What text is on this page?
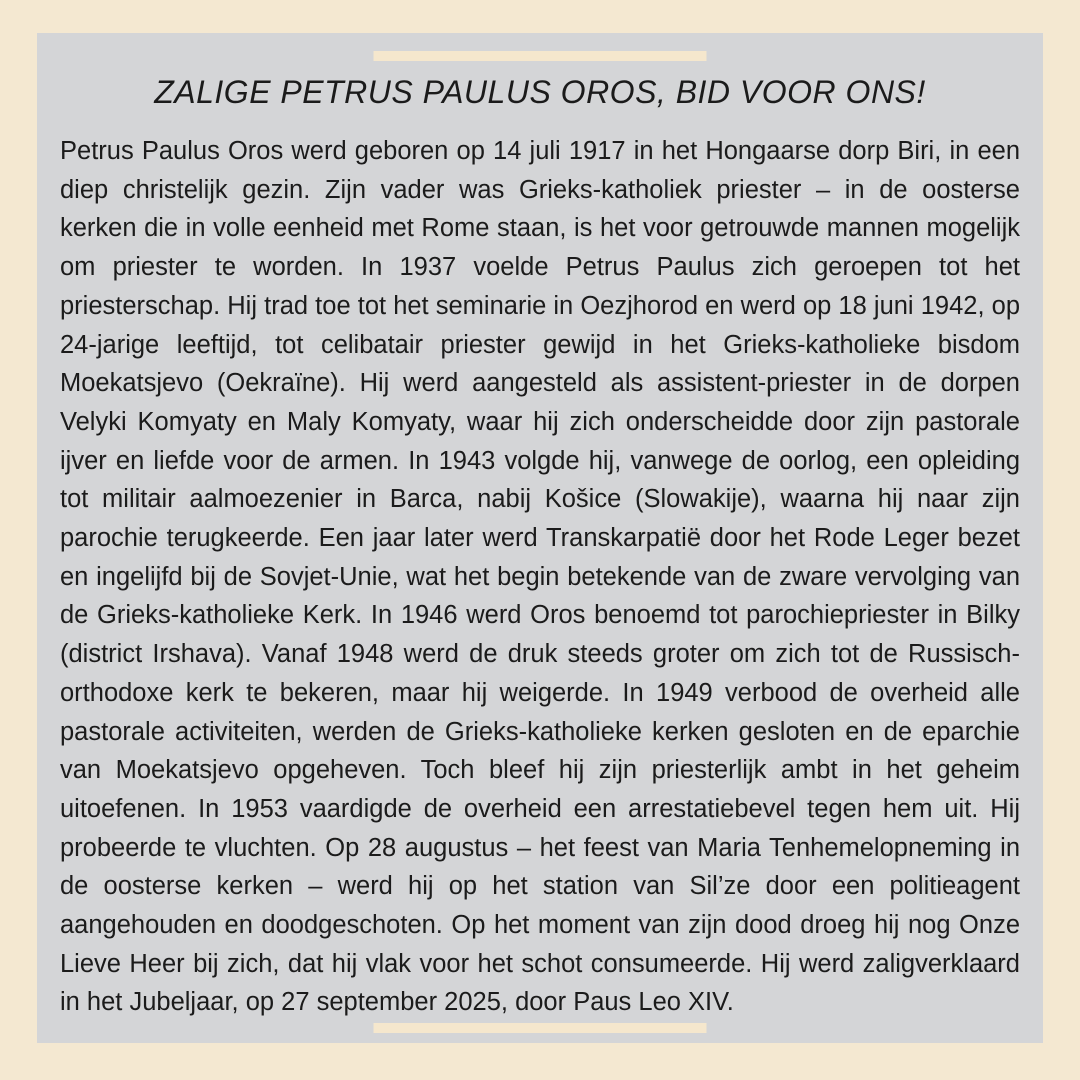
ZALIGE PETRUS PAULUS OROS, BID VOOR ONS!

Petrus Paulus Oros werd geboren op 14 juli 1917 in het Hongaarse dorp Biri, in een diep christelijk gezin. Zijn vader was Grieks-katholiek priester – in de oosterse kerken die in volle eenheid met Rome staan, is het voor getrouwde mannen mogelijk om priester te worden. In 1937 voelde Petrus Paulus zich geroepen tot het priesterschap. Hij trad toe tot het seminarie in Oezjhorod en werd op 18 juni 1942, op 24-jarige leeftijd, tot celibatair priester gewijd in het Grieks-katholieke bisdom Moekatsjevo (Oekraïne). Hij werd aangesteld als assistent-priester in de dorpen Velyki Komyaty en Maly Komyaty, waar hij zich onderscheidde door zijn pastorale ijver en liefde voor de armen. In 1943 volgde hij, vanwege de oorlog, een opleiding tot militair aalmoezenier in Barca, nabij Košice (Slowakije), waarna hij naar zijn parochie terugkeerde. Een jaar later werd Transkarpatië door het Rode Leger bezet en ingelijfd bij de Sovjet-Unie, wat het begin betekende van de zware vervolging van de Grieks-katholieke Kerk. In 1946 werd Oros benoemd tot parochiepriester in Bilky (district Irshava). Vanaf 1948 werd de druk steeds groter om zich tot de Russisch-orthodoxe kerk te bekeren, maar hij weigerde. In 1949 verbood de overheid alle pastorale activiteiten, werden de Grieks-katholieke kerken gesloten en de eparchie van Moekatsjevo opgeheven. Toch bleef hij zijn priesterlijk ambt in het geheim uitoefenen. In 1953 vaardigde de overheid een arrestatiebevel tegen hem uit. Hij probeerde te vluchten. Op 28 augustus – het feest van Maria Tenhemelopneming in de oosterse kerken – werd hij op het station van Sil’ze door een politieagent aangehouden en doodgeschoten. Op het moment van zijn dood droeg hij nog Onze Lieve Heer bij zich, dat hij vlak voor het schot consumeerde. Hij werd zaligverklaard in het Jubeljaar, op 27 september 2025, door Paus Leo XIV.
